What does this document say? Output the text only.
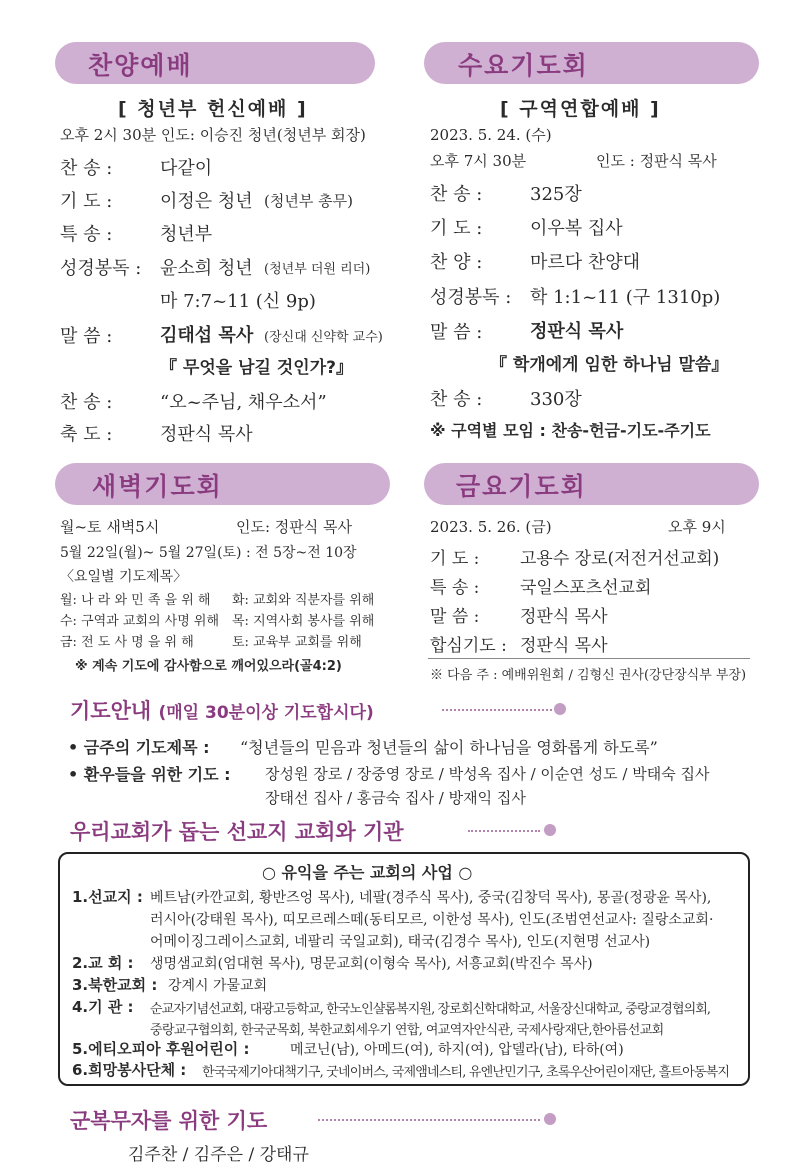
찬양예배
[ 청년부 헌신예배 ]
오후 2시 30분 인도: 이승진 청년(청년부 회장)
찬 송 :	다같이
기 도 :	이정은 청년 (청년부 총무)
특 송 :	청년부
성경봉독 : 윤소희 청년 (청년부 더원 리더)
마 7:7~11 (신 9p)
말 씀 :	김태섭 목사 (장신대 신약학 교수)
『 무엇을 남길 것인가?』
찬 송 :	“오~주님, 채우소서”
축 도 :	정판식 목사
수요기도회
[ 구역연합예배 ]
2023. 5. 24. (수)
오후 7시 30분	인도 : 정판식 목사
찬 송 :	325장
기 도 :	이우복 집사
찬 양 :	마르다 찬양대
성경봉독 : 학 1:1~11 (구 1310p)
말 씀 :	정판식 목사
『 학개에게 임한 하나님 말씀』
찬 송 :	330장
※ 구역별 모임 : 찬송-헌금-기도-주기도
새벽기도회
월~토 새벽5시	인도: 정판식 목사
5월 22일(월)~ 5월 27일(토) : 전 5장~전 10장
〈요일별 기도제목〉
월: 나 라 와 민 족 을 위 해 화: 교회와 직분자를 위해
수: 구역과 교회의 사명 위해 목: 지역사회 봉사를 위해
금: 전 도 사 명 을 위 해	토: 교육부 교회를 위해
※ 계속 기도에 감사함으로 깨어있으라(골4:2)
금요기도회
2023. 5. 26. (금)	오후 9시
기 도 : 고용수 장로(저전거선교회)
특 송 : 국일스포츠선교회
말 씀 : 정판식 목사
합심기도 : 정판식 목사
※ 다음 주 : 예배위원회 / 김형신 권사(강단장식부 부장)
기도안내 (매일 30분이상 기도합시다)
• 금주의 기도제목 : “청년들의 믿음과 청년들의 삶이 하나님을 영화롭게 하도록”
• 환우들을 위한 기도 : 장성원 장로 / 장중영 장로 / 박성옥 집사 / 이순연 성도 / 박태숙 집사
장태선 집사 / 홍금숙 집사 / 방재익 집사
우리교회가 돕는 선교지 교회와 기관
○ 유익을 주는 교회의 사업 ○
1.선교지 : 베트남(카깐교회, 황반즈엉 목사), 네팔(경주식 목사), 중국(김창덕 목사), 몽골(정광윤 목사),
러시아(강태원 목사), 띠모르레스떼(동티모르, 이한성 목사), 인도(조범연선교사: 질랑소교회·
어메이징그레이스교회, 네팔리 국일교회), 태국(김경수 목사), 인도(지현명 선교사)
2.교 회 : 생명샘교회(엄대현 목사), 명문교회(이형숙 목사), 서흥교회(박진수 목사)
3.북한교회 : 강계시 가물교회
4.기 관 : 순교자기념선교회, 대광고등학교, 한국노인샬롬복지원, 장로회신학대학교, 서울장신대학교, 중랑교경협의회,
중랑교구협의회, 한국군목회, 북한교회세우기 연합, 여교역자안식관, 국제사랑재단,한아름선교회
5.에티오피아 후원어린이 :	메코닌(남), 아메드(여), 하지(여), 압델라(남), 타하(여)
6.희망봉사단체 : 한국국제기아대책기구, 굿네이버스, 국제앰네스티, 유엔난민기구, 초록우산어린이재단, 흘트아동복지
군복무자를 위한 기도
김주찬 / 김주은 / 강태규
